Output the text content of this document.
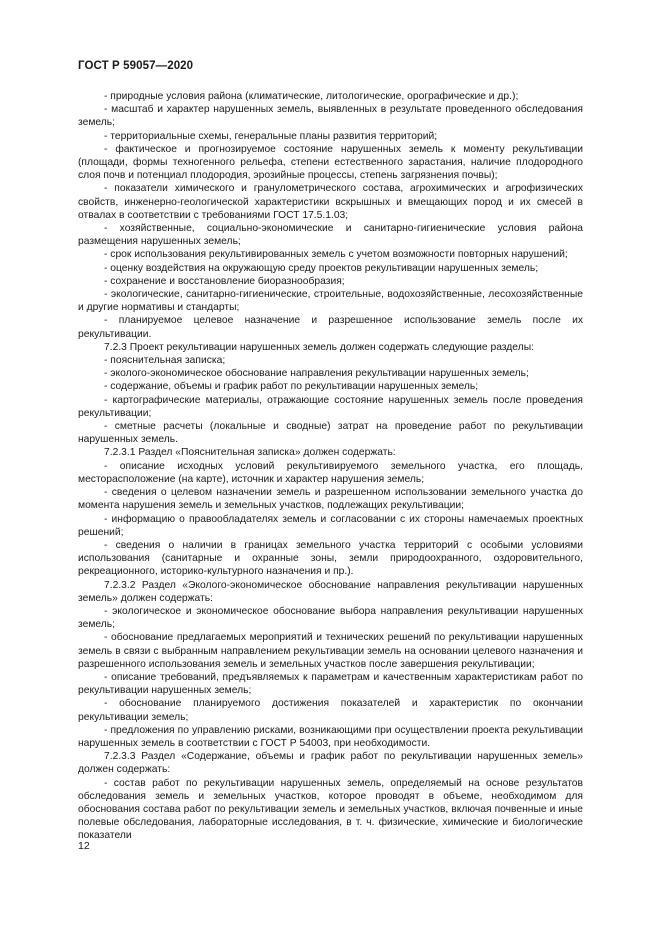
ГОСТ Р 59057—2020

- природные условия района (климатические, литологические, орографические и др.);

- масштаб и характер нарушенных земель, выявленных в результате проведенного обследования земель;

- территориальные схемы, генеральные планы развития территорий;

- фактическое и прогнозируемое состояние нарушенных земель к моменту рекультивации (площади, формы техногенного рельефа, степени естественного зарастания, наличие плодородного слоя почв и потенциал плодородия, эрозийные процессы, степень загрязнения почвы);

- показатели химического и гранулометрического состава, агрохимических и агрофизических свойств, инженерно-геологической характеристики вскрышных и вмещающих пород и их смесей в отвалах в соответствии с требованиями ГОСТ 17.5.1.03;

- хозяйственные, социально-экономические и санитарно-гигиенические условия района размещения нарушенных земель;

- срок использования рекультивированных земель с учетом возможности повторных нарушений;

- оценку воздействия на окружающую среду проектов рекультивации нарушенных земель;

- сохранение и восстановление биоразнообразия;

- экологические, санитарно-гигиенические, строительные, водохозяйственные, лесохозяйственные и другие нормативы и стандарты;

- планируемое целевое назначение и разрешенное использование земель после их рекультивации.

7.2.3 Проект рекультивации нарушенных земель должен содержать следующие разделы:

- пояснительная записка;

- эколого-экономическое обоснование направления рекультивации нарушенных земель;

- содержание, объемы и график работ по рекультивации нарушенных земель;

- картографические материалы, отражающие состояние нарушенных земель после проведения рекультивации;

- сметные расчеты (локальные и сводные) затрат на проведение работ по рекультивации нарушенных земель.

7.2.3.1 Раздел «Пояснительная записка» должен содержать:

- описание исходных условий рекультивируемого земельного участка, его площадь, месторасположение (на карте), источник и характер нарушения земель;

- сведения о целевом назначении земель и разрешенном использовании земельного участка до момента нарушения земель и земельных участков, подлежащих рекультивации;

- информацию о правообладателях земель и согласовании с их стороны намечаемых проектных решений;

- сведения о наличии в границах земельного участка территорий с особыми условиями использования (санитарные и охранные зоны, земли природоохранного, оздоровительного, рекреационного, историко-культурного назначения и пр.).

7.2.3.2 Раздел «Эколого-экономическое обоснование направления рекультивации нарушенных земель» должен содержать:

- экологическое и экономическое обоснование выбора направления рекультивации нарушенных земель;

- обоснование предлагаемых мероприятий и технических решений по рекультивации нарушенных земель в связи с выбранным направлением рекультивации земель на основании целевого назначения и разрешенного использования земель и земельных участков после завершения рекультивации;

- описание требований, предъявляемых к параметрам и качественным характеристикам работ по рекультивации нарушенных земель;

- обоснование планируемого достижения показателей и характеристик по окончании рекультивации земель;

- предложения по управлению рисками, возникающими при осуществлении проекта рекультивации нарушенных земель в соответствии с ГОСТ Р 54003, при необходимости.

7.2.3.3 Раздел «Содержание, объемы и график работ по рекультивации нарушенных земель» должен содержать:

- состав работ по рекультивации нарушенных земель, определяемый на основе результатов обследования земель и земельных участков, которое проводят в объеме, необходимом для обоснования состава работ по рекультивации земель и земельных участков, включая почвенные и иные полевые обследования, лабораторные исследования, в т. ч. физические, химические и биологические показатели

12
